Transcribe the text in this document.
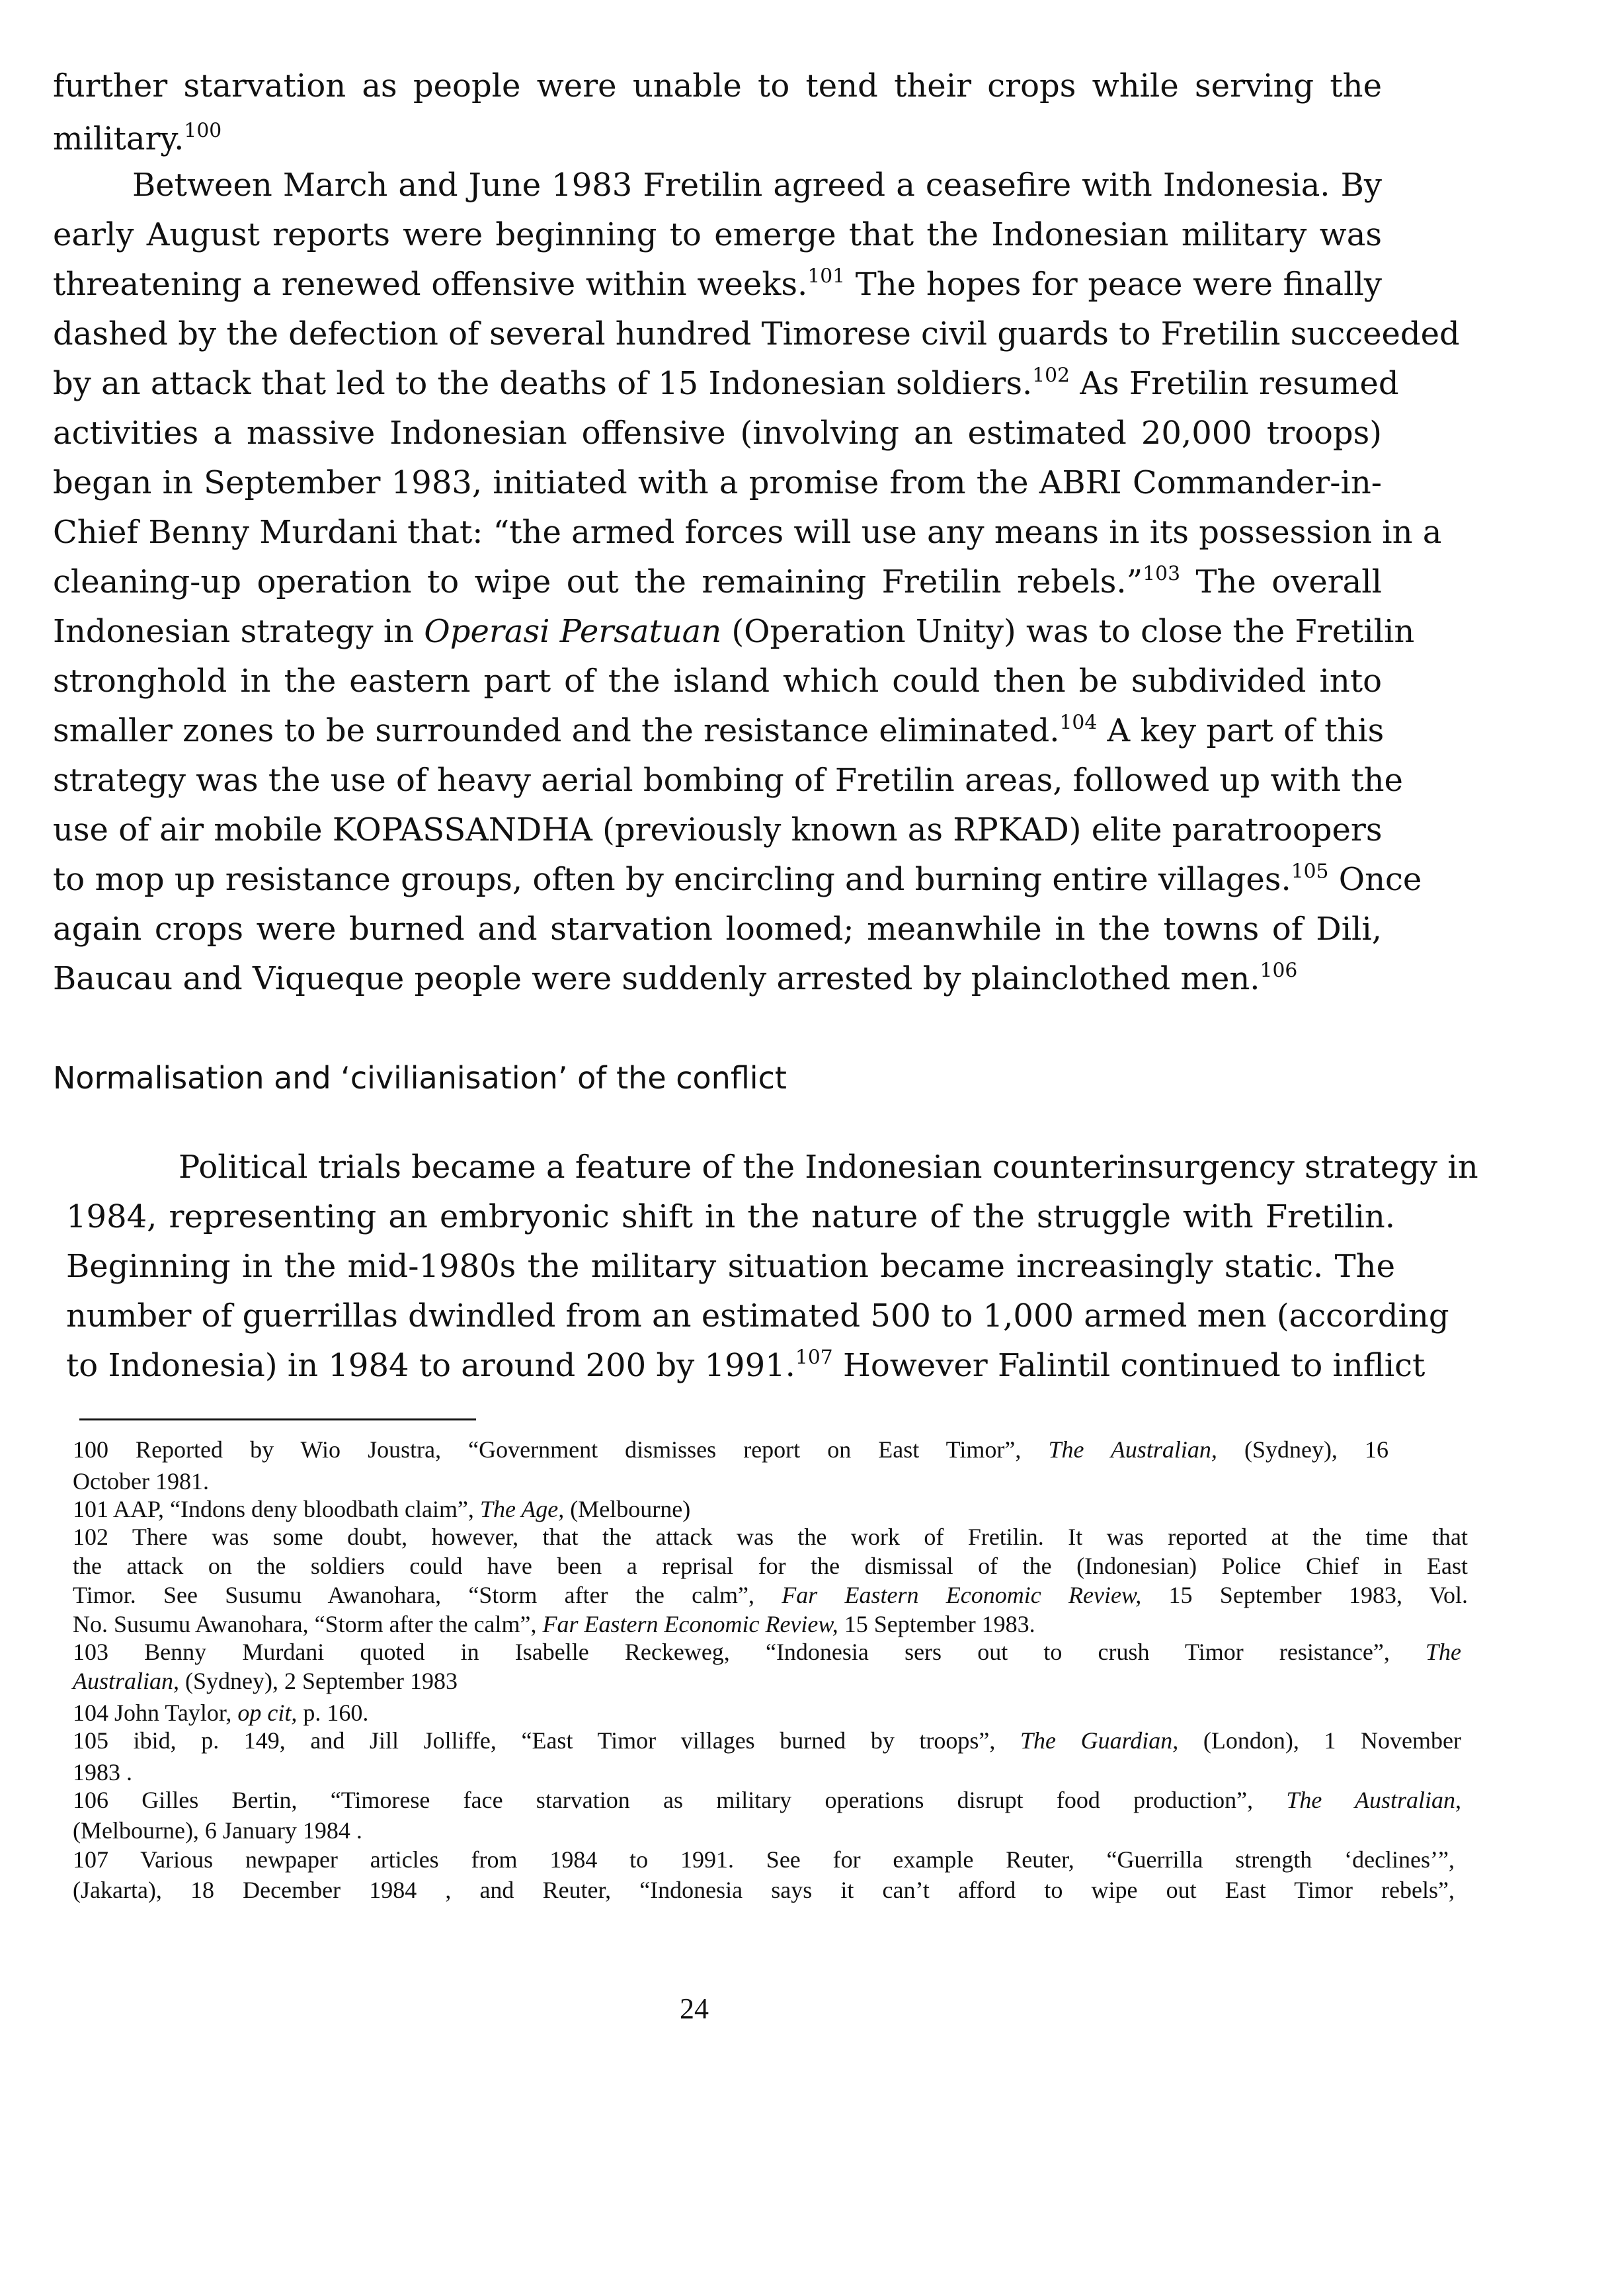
further starvation as people were unable to tend their crops while serving the
military.$^{100}$
Between March and June 1983 Fretilin agreed a ceasefire with Indonesia. By
early August reports were beginning to emerge that the Indonesian military was
threatening a renewed offensive within weeks.$^{101}$ The hopes for peace were finally
dashed by the defection of several hundred Timorese civil guards to Fretilin succeeded
by an attack that led to the deaths of 15 Indonesian soldiers.$^{102}$ As Fretilin resumed
activities a massive Indonesian offensive (involving an estimated 20,000 troops)
began in September 1983, initiated with a promise from the ABRI Commander-in-
Chief Benny Murdani that: “the armed forces will use any means in its possession in a
cleaning-up operation to wipe out the remaining Fretilin rebels.”$^{103}$ The overall
Indonesian strategy in Operasi Persatuan (Operation Unity) was to close the Fretilin
stronghold in the eastern part of the island which could then be subdivided into
smaller zones to be surrounded and the resistance eliminated.$^{104}$ A key part of this
strategy was the use of heavy aerial bombing of Fretilin areas, followed up with the
use of air mobile KOPASSANDHA (previously known as RPKAD) elite paratroopers
to mop up resistance groups, often by encircling and burning entire villages.$^{105}$ Once
again crops were burned and starvation loomed; meanwhile in the towns of Dili,
Baucau and Viqueque people were suddenly arrested by plainclothed men.$^{106}$
Normalisation and ‘civilianisation’ of the conflict
Political trials became a feature of the Indonesian counterinsurgency strategy in
1984, representing an embryonic shift in the nature of the struggle with Fretilin.
Beginning in the mid-1980s the military situation became increasingly static. The
number of guerrillas dwindled from an estimated 500 to 1,000 armed men (according
to Indonesia) in 1984 to around 200 by 1991.$^{107}$ However Falintil continued to inflict
100 Reported by Wio Joustra, “Government dismisses report on East Timor”, The Australian, (Sydney), 16
October 1981.
101 AAP, “Indons deny bloodbath claim”, The Age, (Melbourne)
102 There was some doubt, however, that the attack was the work of Fretilin. It was reported at the time that
the attack on the soldiers could have been a reprisal for the dismissal of the (Indonesian) Police Chief in East
Timor. See Susumu Awanohara, “Storm after the calm”, Far Eastern Economic Review, 15 September 1983, Vol.
No. Susumu Awanohara, “Storm after the calm”, Far Eastern Economic Review, 15 September 1983.
103 Benny Murdani quoted in Isabelle Reckeweg, “Indonesia sers out to crush Timor resistance”, The
Australian, (Sydney), 2 September 1983
104 John Taylor, op cit, p. 160.
105 ibid, p. 149, and Jill Jolliffe, “East Timor villages burned by troops”, The Guardian, (London), 1 November
1983 .
106 Gilles Bertin, “Timorese face starvation as military operations disrupt food production”, The Australian,
(Melbourne), 6 January 1984 .
107 Various newpaper articles from 1984 to 1991. See for example Reuter, “Guerrilla strength ‘declines’”,
(Jakarta), 18 December 1984 , and Reuter, “Indonesia says it can’t afford to wipe out East Timor rebels”,
24
